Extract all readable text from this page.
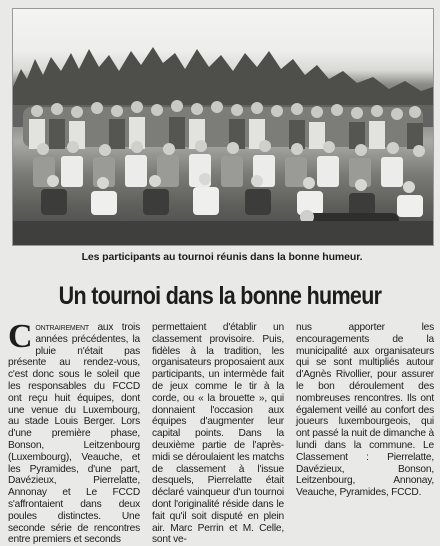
Les participants au tournoi réunis dans la bonne humeur.
Un tournoi dans la bonne humeur
Contrairement aux trois années précédentes, la pluie n'était pas présente au rendez-vous, c'est donc sous le soleil que les responsables du FCCD ont reçu huit équipes, dont une venue du Luxembourg, au stade Louis Berger. Lors d'une première phase, Bonson, Leitzenbourg (Luxembourg), Veauche, et les Pyramides, d'une part, Davézieux, Pierrelatte, Annonay et Le FCCD s'affrontaient dans deux poules distinctes. Une seconde série de rencontres entre premiers et seconds
permettaient d'établir un classement provisoire. Puis, fidèles à la tradition, les organisateurs proposaient aux participants, un intermède fait de jeux comme le tir à la corde, ou « la brouette », qui donnaient l'occasion aux équipes d'augmenter leur capital points. Dans la deuxième partie de l'après-midi se déroulaient les matchs de classement à l'issue desquels, Pierrelatte était déclaré vainqueur d'un tournoi dont l'originalité réside dans le fait qu'il soit disputé en plein air. Marc Perrin et M. Celle, sont ve-
nus apporter les encouragements de la municipalité aux organisateurs qui se sont multipliés autour d'Agnès Rivollier, pour assurer le bon déroulement des nombreuses rencontres. Ils ont également veillé au confort des joueurs luxembourgeois, qui ont passé la nuit de dimanche à lundi dans la commune. Le Classement : Pierrelatte, Davézieux, Bonson, Leitzenbourg, Annonay, Veauche, Pyramides, FCCD.
